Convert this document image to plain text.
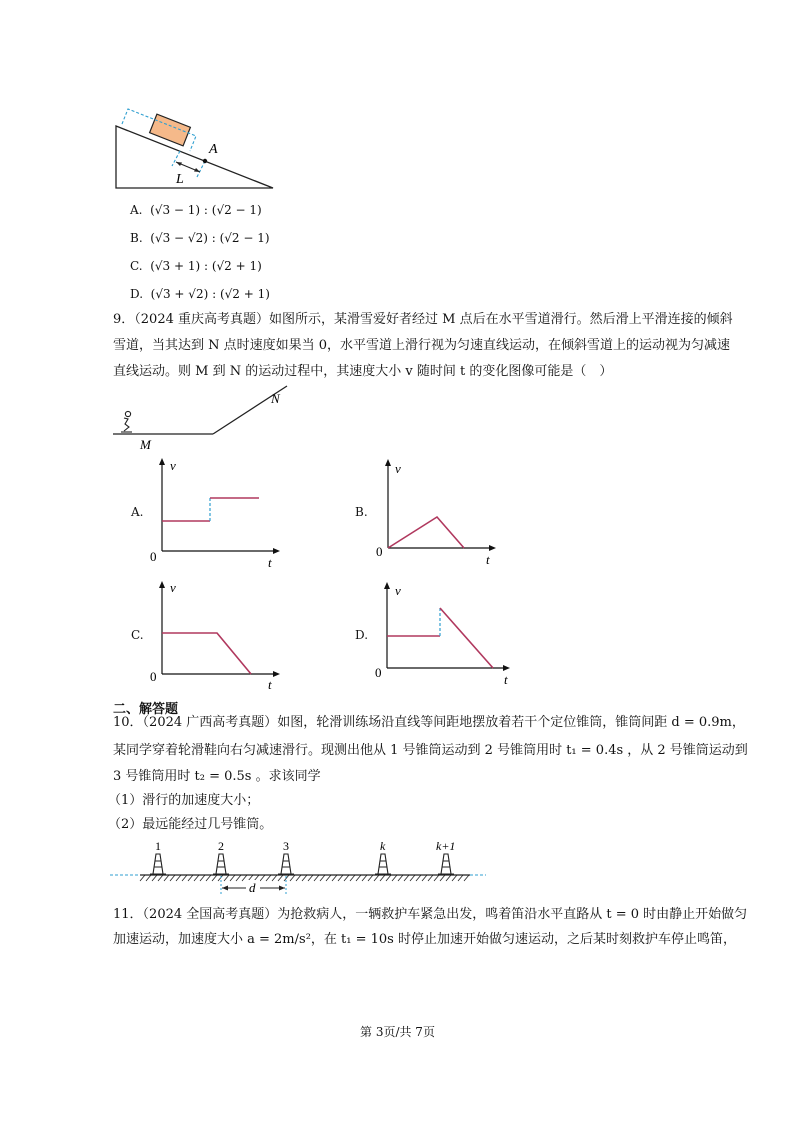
A
L
A. (√3 − 1) : (√2 − 1)
B. (√3 − √2) : (√2 − 1)
C. (√3 + 1) : (√2 + 1)
D. (√3 + √2) : (√2 + 1)
9．（2024 重庆高考真题）如图所示，某滑雪爱好者经过 M 点后在水平雪道滑行。然后滑上平滑连接的倾斜
雪道，当其达到 N 点时速度如果当 0，水平雪道上滑行视为匀速直线运动，在倾斜雪道上的运动视为匀减速
直线运动。则 M 到 N 的运动过程中，其速度大小 v 随时间 t 的变化图像可能是（　）
M
N
A.
v
t
0
B.
v
t
0
C.
v
t
0
D.
v
t
0
二、解答题
10．（2024 广西高考真题）如图，轮滑训练场沿直线等间距地摆放着若干个定位锥筒，锥筒间距 d = 0.9m，
某同学穿着轮滑鞋向右匀减速滑行。现测出他从 1 号锥筒运动到 2 号锥筒用时 t₁ = 0.4s ，从 2 号锥筒运动到
3 号锥筒用时 t₂ = 0.5s 。求该同学
（1）滑行的加速度大小；
（2）最远能经过几号锥筒。
1	2	3	k	k+1
d
11．（2024 全国高考真题）为抢救病人，一辆救护车紧急出发，鸣着笛沿水平直路从 t = 0 时由静止开始做匀
加速运动，加速度大小 a = 2m/s²，在 t₁ = 10s 时停止加速开始做匀速运动，之后某时刻救护车停止鸣笛，
第 3页/共 7页
